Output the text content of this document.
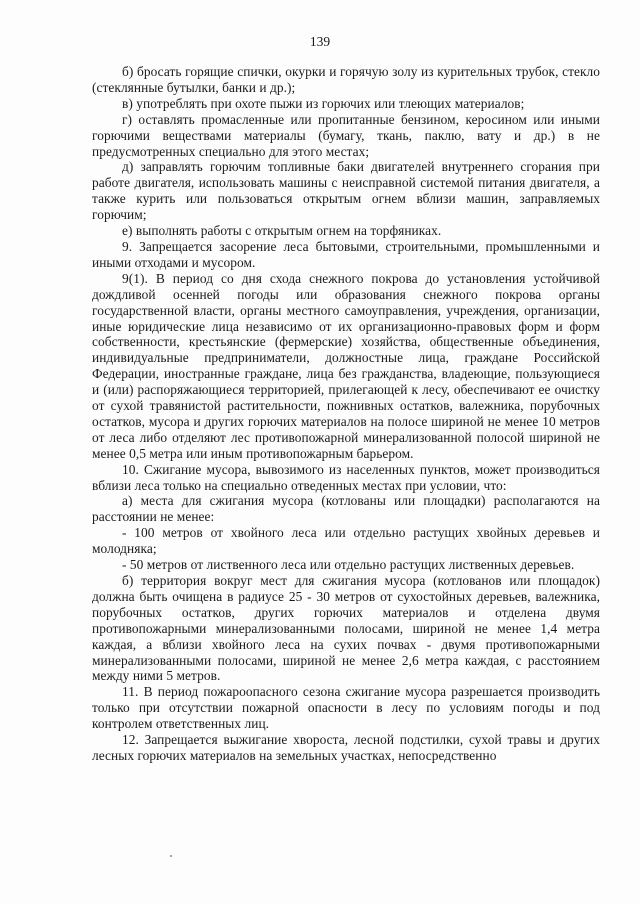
139

б) бросать горящие спички, окурки и горячую золу из курительных трубок, стекло (стеклянные бутылки, банки и др.);

в) употреблять при охоте пыжи из горючих или тлеющих материалов;

г) оставлять промасленные или пропитанные бензином, керосином или иными горючими веществами материалы (бумагу, ткань, паклю, вату и др.) в не предусмотренных специально для этого местах;

д) заправлять горючим топливные баки двигателей внутреннего сгорания при работе двигателя, использовать машины с неисправной системой питания двигателя, а также курить или пользоваться открытым огнем вблизи машин, заправляемых горючим;

е) выполнять работы с открытым огнем на торфяниках.

9. Запрещается засорение леса бытовыми, строительными, промышленными и иными отходами и мусором.

9(1). В период со дня схода снежного покрова до установления устойчивой дождливой осенней погоды или образования снежного покрова органы государственной власти, органы местного самоуправления, учреждения, организации, иные юридические лица независимо от их организационно-правовых форм и форм собственности, крестьянские (фермерские) хозяйства, общественные объединения, индивидуальные предприниматели, должностные лица, граждане Российской Федерации, иностранные граждане, лица без гражданства, владеющие, пользующиеся и (или) распоряжающиеся территорией, прилегающей к лесу, обеспечивают ее очистку от сухой травянистой растительности, пожнивных остатков, валежника, порубочных остатков, мусора и других горючих материалов на полосе шириной не менее 10 метров от леса либо отделяют лес противопожарной минерализованной полосой шириной не менее 0,5 метра или иным противопожарным барьером.

10. Сжигание мусора, вывозимого из населенных пунктов, может производиться вблизи леса только на специально отведенных местах при условии, что:

а) места для сжигания мусора (котлованы или площадки) располагаются на расстоянии не менее:

- 100 метров от хвойного леса или отдельно растущих хвойных деревьев и молодняка;

- 50 метров от лиственного леса или отдельно растущих лиственных деревьев.

б) территория вокруг мест для сжигания мусора (котлованов или площадок) должна быть очищена в радиусе 25 - 30 метров от сухостойных деревьев, валежника, порубочных остатков, других горючих материалов и отделена двумя противопожарными минерализованными полосами, шириной не менее 1,4 метра каждая, а вблизи хвойного леса на сухих почвах - двумя противопожарными минерализованными полосами, шириной не менее 2,6 метра каждая, с расстоянием между ними 5 метров.

11. В период пожароопасного сезона сжигание мусора разрешается производить только при отсутствии пожарной опасности в лесу по условиям погоды и под контролем ответственных лиц.

12. Запрещается выжигание хвороста, лесной подстилки, сухой травы и других лесных горючих материалов на земельных участках, непосредственно
